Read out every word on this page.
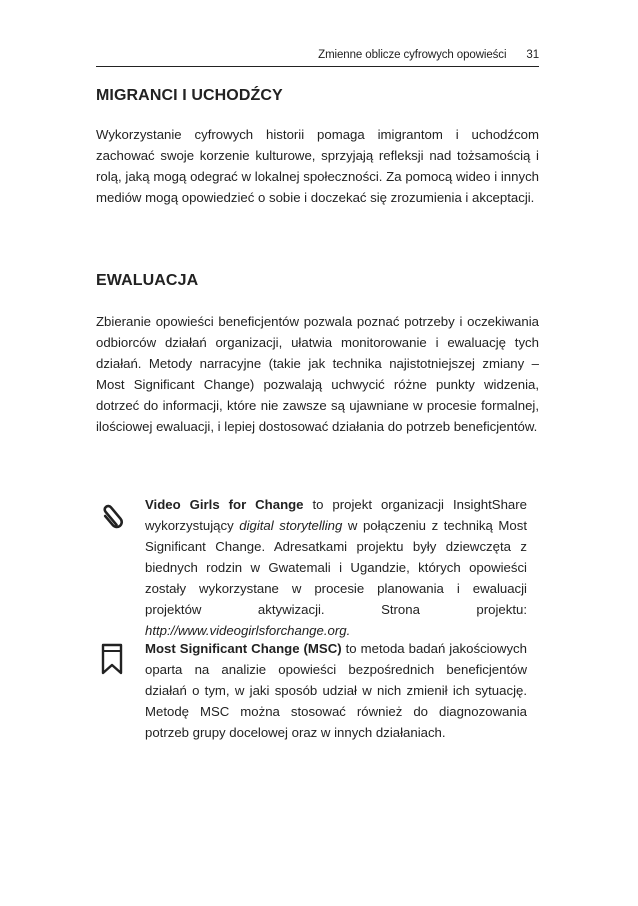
Zmienne oblicze cyfrowych opowieści 31
MIGRANCI I UCHODŹCY
Wykorzystanie cyfrowych historii pomaga imigrantom i uchodźcom zachować swoje korzenie kulturowe, sprzyjają refleksji nad tożsamością i rolą, jaką mogą odegrać w lokalnej społeczności. Za pomocą wideo i innych mediów mogą opowiedzieć o sobie i doczekać się zrozumienia i akceptacji.
EWALUACJA
Zbieranie opowieści beneficjentów pozwala poznać potrzeby i oczekiwania odbiorców działań organizacji, ułatwia monitorowanie i ewaluację tych działań. Metody narracyjne (takie jak technika najistotniejszej zmiany – Most Significant Change) pozwalają uchwycić różne punkty widzenia, dotrzeć do informacji, które nie zawsze są ujawniane w procesie formalnej, ilościowej ewaluacji, i lepiej dostosować działania do potrzeb beneficjentów.
Video Girls for Change to projekt organizacji InsightShare wykorzystujący digital storytelling w połączeniu z techniką Most Significant Change. Adresatkami projektu były dziewczęta z biednych rodzin w Gwatemali i Ugandzie, których opowieści zostały wykorzystane w procesie planowania i ewaluacji projektów aktywizacji. Strona projektu: http://www.videogirlsforchange.org.
Most Significant Change (MSC) to metoda badań jakościowych oparta na analizie opowieści bezpośrednich beneficjentów działań o tym, w jaki sposób udział w nich zmienił ich sytuację. Metodę MSC można stosować również do diagnozowania potrzeb grupy docelowej oraz w innych działaniach.
